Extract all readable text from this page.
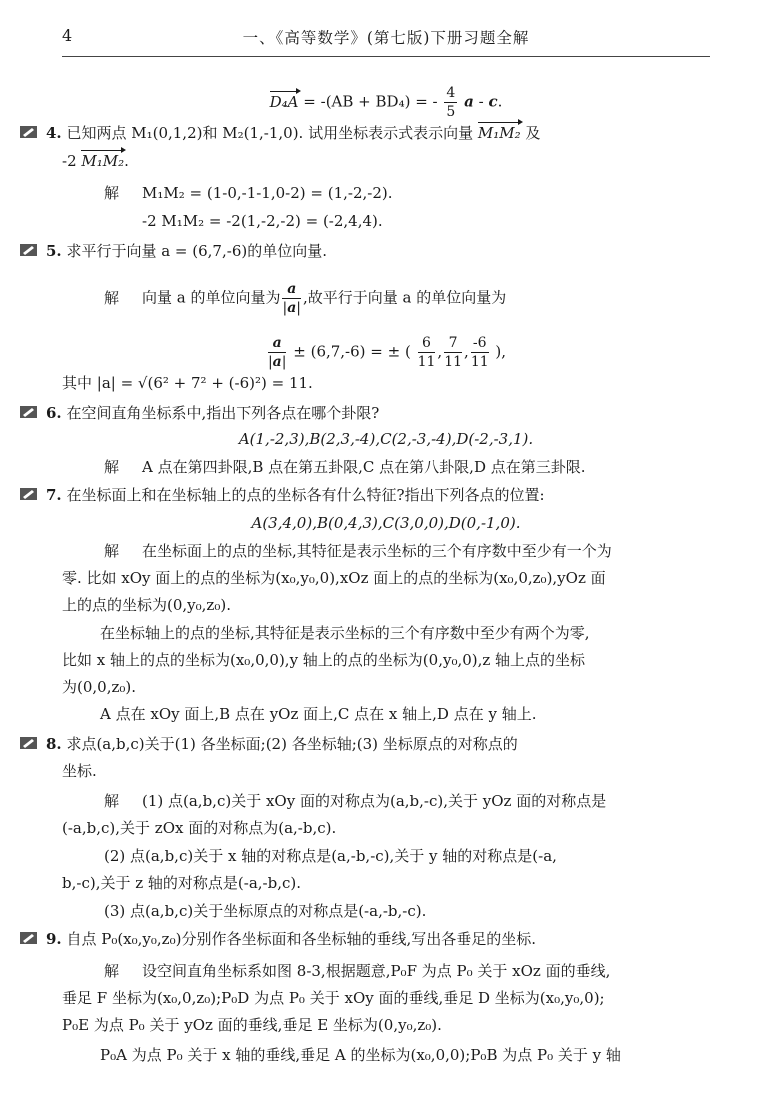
4	一、《高等数学》(第七版)下册习题全解
D₄A = -(AB + BD₄) = - $\frac{4}{5}$ a - c.
4. 已知两点 M₁(0,1,2)和 M₂(1,-1,0). 试用坐标表示式表示向量 M₁M₂ 及
-2 M₁M₂.
解 M₁M₂ = (1-0,-1-1,0-2) = (1,-2,-2).
-2 M₁M₂ = -2(1,-2,-2) = (-2,4,4).
5. 求平行于向量 a = (6,7,-6)的单位向量.
解 向量 a 的单位向量为 $\frac{a}{|a|}$ ,故平行于向量 a 的单位向量为
$\frac{a}{|a|} \pm (6,7,-6)$ = ± ( $\frac{6}{11}$ , $\frac{7}{11}$ , $\frac{-6}{11}$ ),
其中 |a| = √(6² + 7² + (-6)²) = 11.
6. 在空间直角坐标系中,指出下列各点在哪个卦限?
A(1,-2,3),B(2,3,-4),C(2,-3,-4),D(-2,-3,1).
解 A 点在第四卦限,B 点在第五卦限,C 点在第八卦限,D 点在第三卦限.
7. 在坐标面上和在坐标轴上的点的坐标各有什么特征?指出下列各点的位置:
A(3,4,0),B(0,4,3),C(3,0,0),D(0,-1,0).
解 在坐标面上的点的坐标,其特征是表示坐标的三个有序数中至少有一个为
零. 比如 xOy 面上的点的坐标为(x₀,y₀,0),xOz 面上的点的坐标为(x₀,0,z₀),yOz 面
上的点的坐标为(0,y₀,z₀).
在坐标轴上的点的坐标,其特征是表示坐标的三个有序数中至少有两个为零,
比如 x 轴上的点的坐标为(x₀,0,0),y 轴上的点的坐标为(0,y₀,0),z 轴上点的坐标
为(0,0,z₀).
A 点在 xOy 面上,B 点在 yOz 面上,C 点在 x 轴上,D 点在 y 轴上.
8. 求点(a,b,c)关于(1) 各坐标面;(2) 各坐标轴;(3) 坐标原点的对称点的
坐标.
解 (1) 点(a,b,c)关于 xOy 面的对称点为(a,b,-c),关于 yOz 面的对称点是
(-a,b,c),关于 zOx 面的对称点为(a,-b,c).
(2) 点(a,b,c)关于 x 轴的对称点是(a,-b,-c),关于 y 轴的对称点是(-a,
b,-c),关于 z 轴的对称点是(-a,-b,c).
(3) 点(a,b,c)关于坐标原点的对称点是(-a,-b,-c).
9. 自点 P₀(x₀,y₀,z₀)分别作各坐标面和各坐标轴的垂线,写出各垂足的坐标.
解 设空间直角坐标系如图 8-3,根据题意,P₀F 为点 P₀ 关于 xOz 面的垂线,
垂足 F 坐标为(x₀,0,z₀);P₀D 为点 P₀ 关于 xOy 面的垂线,垂足 D 坐标为(x₀,y₀,0);
P₀E 为点 P₀ 关于 yOz 面的垂线,垂足 E 坐标为(0,y₀,z₀).
P₀A 为点 P₀ 关于 x 轴的垂线,垂足 A 的坐标为(x₀,0,0);P₀B 为点 P₀ 关于 y 轴
